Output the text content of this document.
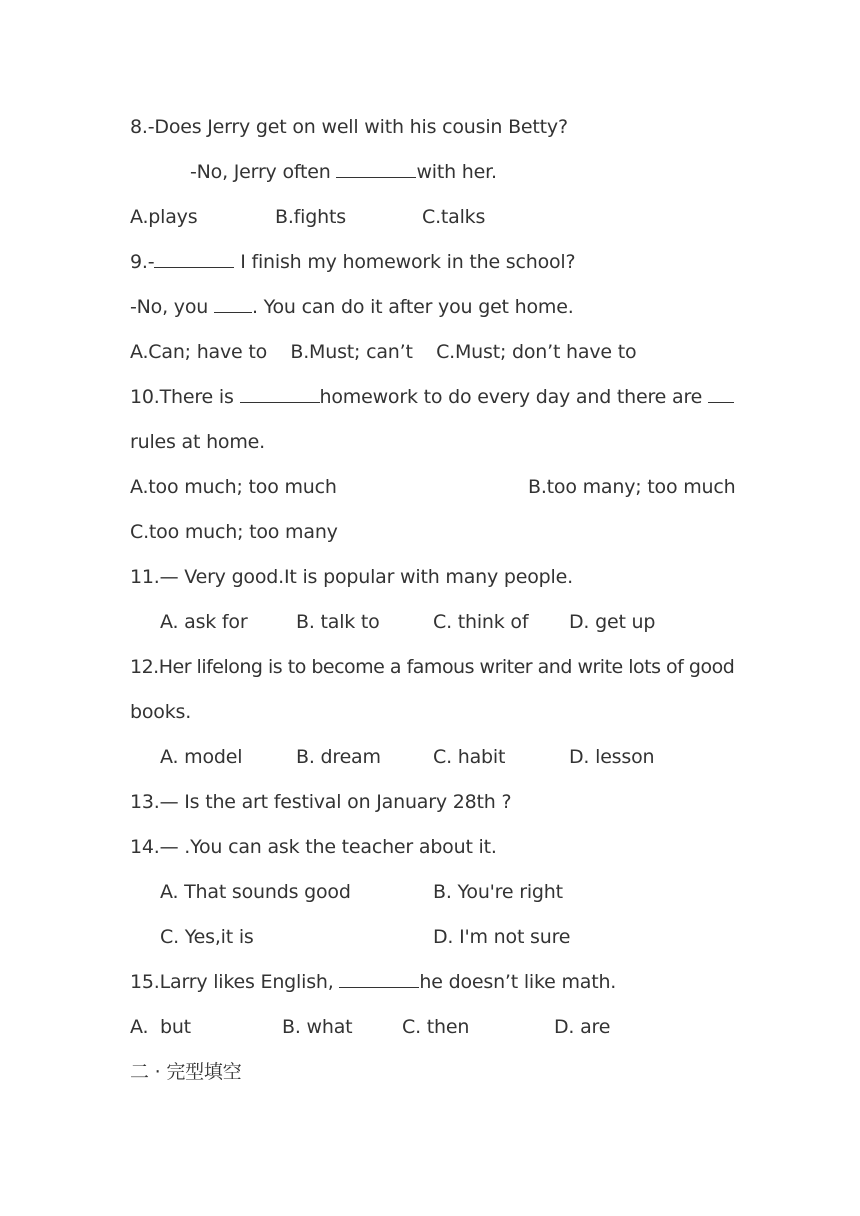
8.-Does Jerry get on well with his cousin Betty?
-No, Jerry often	with her.
A.plays	B.fights	C.talks
9.-	I finish my homework in the school?
-No, you . You can do it after you get home.
A.Can; have to    B.Must; can’t    C.Must; don’t have to
10.There is	homework to do every day and there are
rules at home.
A.too much; too much	B.too many; too much
C.too much; too many
11.— Very good.It is popular with many people.
A. ask for	B. talk to	C. think of D. get up
12.Her lifelong is to become a famous writer and write lots of good
books.
A. model	B. dream	C. habit	D. lesson
13.— Is the art festival on January 28th ?
14.— .You can ask the teacher about it.
A. That sounds good	B. You're right
C. Yes,it is	D. I'm not sure
15.Larry likes English,	he doesn’t like math.
A.  but	B. what	C. then	D. are
二 · 完型填空
